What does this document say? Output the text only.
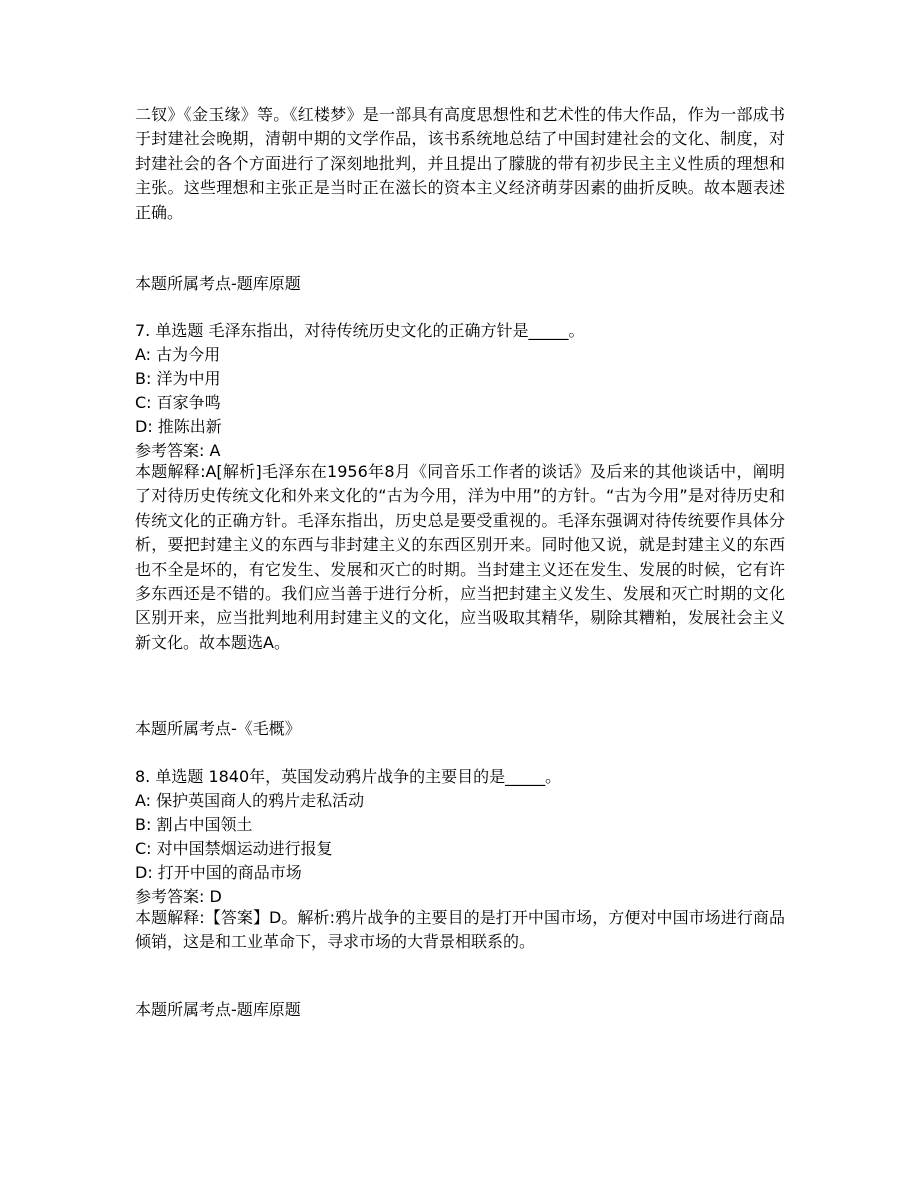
二钗》《金玉缘》等。《红楼梦》是一部具有高度思想性和艺术性的伟大作品，作为一部成书于封建社会晚期，清朝中期的文学作品，该书系统地总结了中国封建社会的文化、制度，对封建社会的各个方面进行了深刻地批判，并且提出了朦胧的带有初步民主主义性质的理想和主张。这些理想和主张正是当时正在滋长的资本主义经济萌芽因素的曲折反映。故本题表述正确。
本题所属考点-题库原题
7. 单选题 毛泽东指出，对待传统历史文化的正确方针是_____。
A: 古为今用
B: 洋为中用
C: 百家争鸣
D: 推陈出新
参考答案: A
本题解释:A[解析]毛泽东在1956年8月《同音乐工作者的谈话》及后来的其他谈话中，阐明了对待历史传统文化和外来文化的“古为今用，洋为中用”的方针。“古为今用”是对待历史和传统文化的正确方针。毛泽东指出，历史总是要受重视的。毛泽东强调对待传统要作具体分析，要把封建主义的东西与非封建主义的东西区别开来。同时他又说，就是封建主义的东西也不全是坏的，有它发生、发展和灭亡的时期。当封建主义还在发生、发展的时候，它有许多东西还是不错的。我们应当善于进行分析，应当把封建主义发生、发展和灭亡时期的文化区别开来，应当批判地利用封建主义的文化，应当吸取其精华，剔除其糟粕，发展社会主义新文化。故本题选A。
本题所属考点-《毛概》
8. 单选题 1840年，英国发动鸦片战争的主要目的是_____。
A: 保护英国商人的鸦片走私活动
B: 割占中国领土
C: 对中国禁烟运动进行报复
D: 打开中国的商品市场
参考答案: D
本题解释:【答案】D。解析:鸦片战争的主要目的是打开中国市场，方便对中国市场进行商品倾销，这是和工业革命下，寻求市场的大背景相联系的。
本题所属考点-题库原题
